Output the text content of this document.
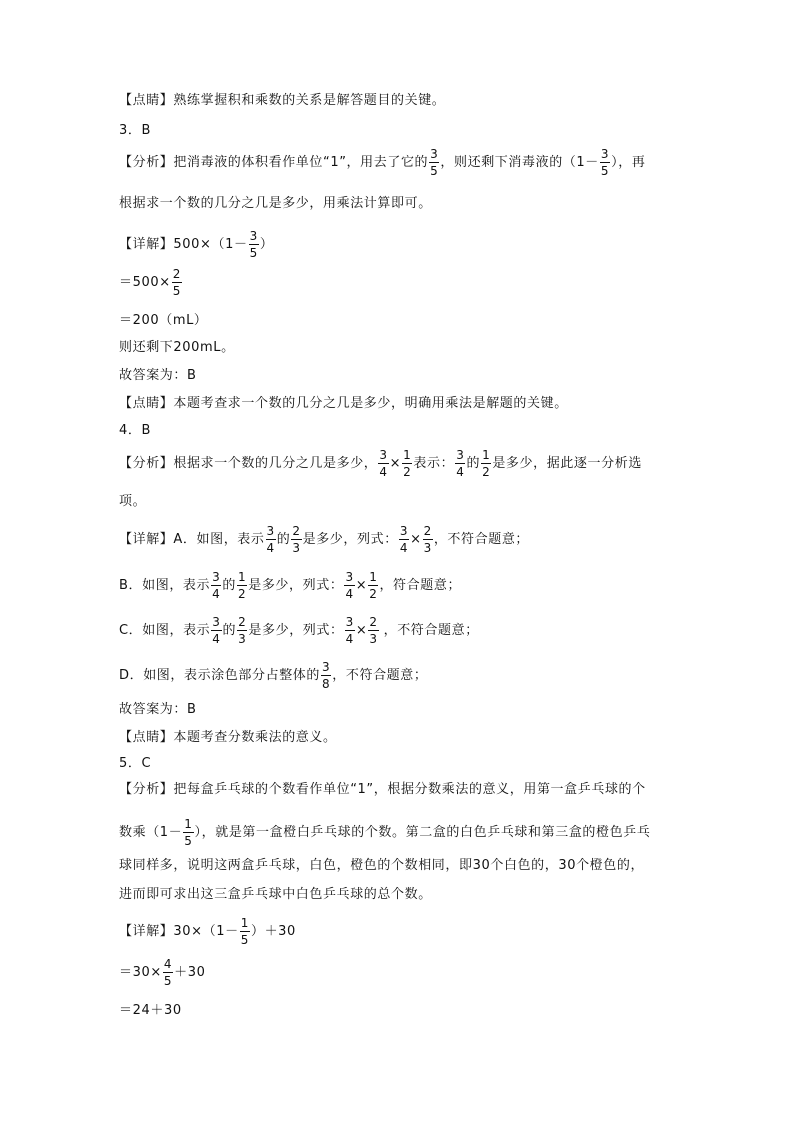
【点睛】熟练掌握积和乘数的关系是解答题目的关键。
3．B
【分析】把消毒液的体积看作单位“1”，用去了它的 $\frac{3}{5}$ ，则还剩下消毒液的（$1- \frac{3}{5}$ ），再
根据求一个数的几分之几是多少，用乘法计算即可。
【详解】$500\times(1- \frac{3}{5}$ ）
$=500\times \frac{2}{5}$
＝200（mL）
则还剩下200mL。
故答案为：B
【点睛】本题考查求一个数的几分之几是多少，明确用乘法是解题的关键。
4．B
【分析】根据求一个数的几分之几是多少， $\frac{3}{4} \times \frac{1}{2}$ 表示： $\frac{3}{4}$ 的 $\frac{1}{2}$ 是多少，据此逐一分析选
项。
【详解】A．如图，表示 $\frac{3}{4}$ 的 $\frac{2}{3}$ 是多少，列式： $\frac{3}{4} \times \frac{2}{3}$ ，不符合题意；
B．如图，表示 $\frac{3}{4}$ 的 $\frac{1}{2}$ 是多少，列式： $\frac{3}{4} \times \frac{1}{2}$ ，符合题意；
C．如图，表示 $\frac{3}{4}$ 的 $\frac{2}{3}$ 是多少，列式： $\frac{3}{4} \times \frac{2}{3}$ ，不符合题意；
D．如图，表示涂色部分占整体的 $\frac{3}{8}$ ，不符合题意；
故答案为：B
【点睛】本题考查分数乘法的意义。
5．C
【分析】把每盒乒乓球的个数看作单位“1”，根据分数乘法的意义，用第一盒乒乓球的个
数乘（$1- \frac{1}{5}$ ），就是第一盒橙白乒乓球的个数。第二盒的白色乒乓球和第三盒的橙色乒乓
球同样多，说明这两盒乒乓球，白色，橙色的个数相同，即30个白色的，30个橙色的，
进而即可求出这三盒乒乓球中白色乒乓球的总个数。
【详解】$30\times(1- \frac{1}{5} )+30$
$=30\times \frac{4}{5} +30$
＝24＋30
